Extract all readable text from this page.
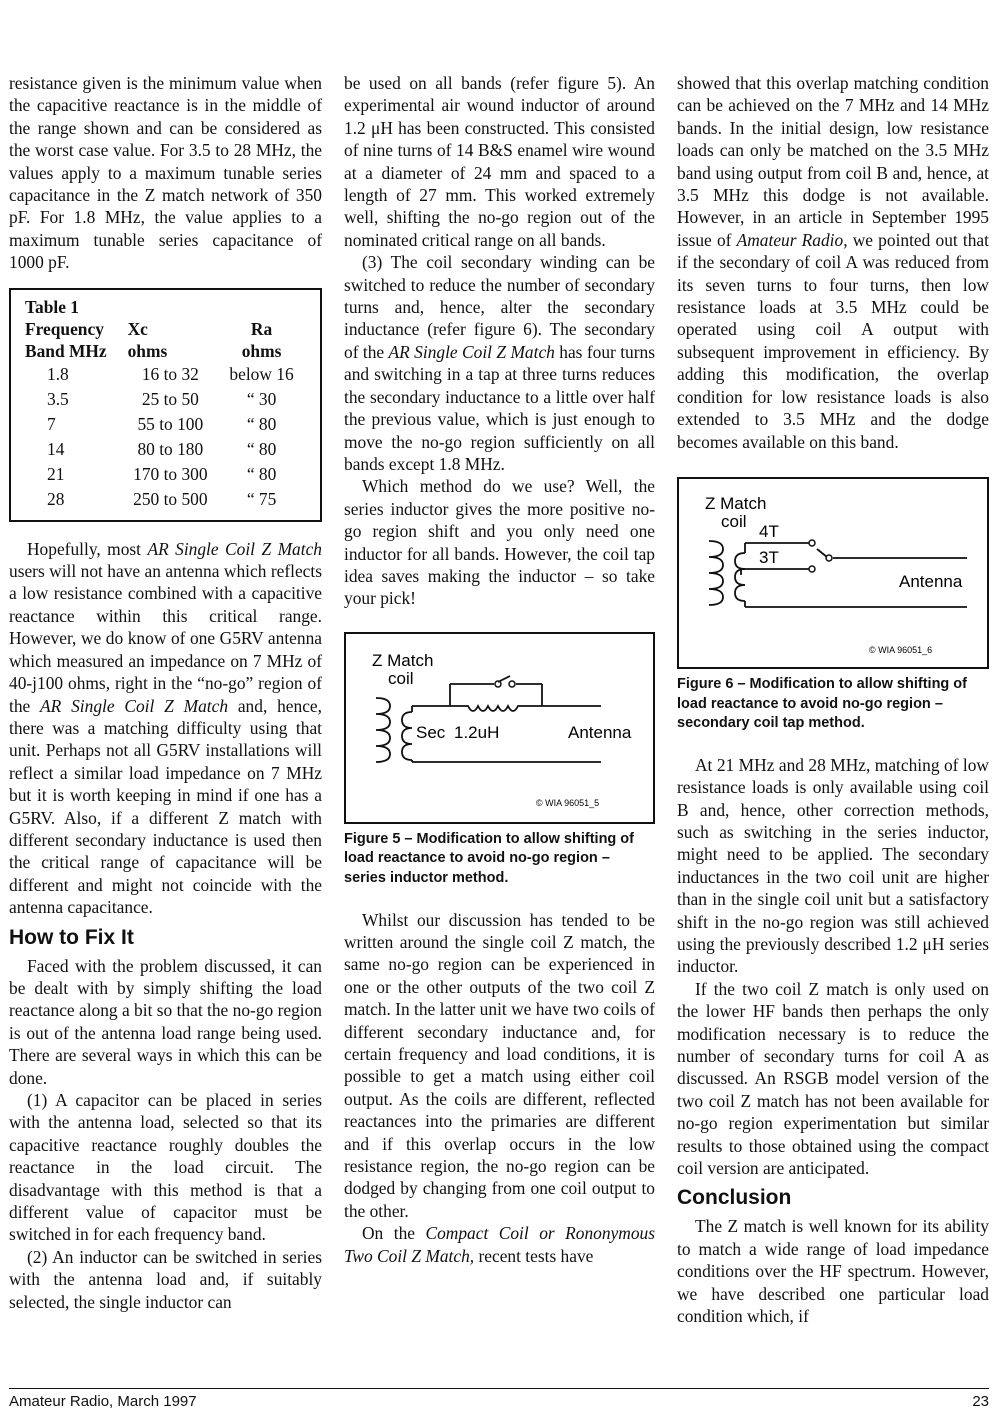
resistance given is the minimum value when the capacitive reactance is in the middle of the range shown and can be considered as the worst case value. For 3.5 to 28 MHz, the values apply to a maximum tunable series capacitance in the Z match network of 350 pF. For 1.8 MHz, the value applies to a maximum tunable series capacitance of 1000 pF.

Table 1
Frequency	Xc	Ra
Band MHz	ohms	ohms
1.8	16 to 32	below 16
3.5	25 to 50	“ 30
7	55 to 100	“ 80
14	80 to 180	“ 80
21	170 to 300	“ 80
28	250 to 500	“ 75

Hopefully, most AR Single Coil Z Match users will not have an antenna which reflects a low resistance combined with a capacitive reactance within this critical range. However, we do know of one G5RV antenna which measured an impedance on 7 MHz of 40-j100 ohms, right in the “no-go” region of the AR Single Coil Z Match and, hence, there was a matching difficulty using that unit. Perhaps not all G5RV installations will reflect a similar load impedance on 7 MHz but it is worth keeping in mind if one has a G5RV. Also, if a different Z match with different secondary inductance is used then the critical range of capacitance will be different and might not coincide with the antenna capacitance.

How to Fix It

Faced with the problem discussed, it can be dealt with by simply shifting the load reactance along a bit so that the no-go region is out of the antenna load range being used. There are several ways in which this can be done.

(1) A capacitor can be placed in series with the antenna load, selected so that its capacitive reactance roughly doubles the reactance in the load circuit. The disadvantage with this method is that a different value of capacitor must be switched in for each frequency band.

(2) An inductor can be switched in series with the antenna load and, if suitably selected, the single inductor can

be used on all bands (refer figure 5). An experimental air wound inductor of around 1.2 μH has been constructed. This consisted of nine turns of 14 B&S enamel wire wound at a diameter of 24 mm and spaced to a length of 27 mm. This worked extremely well, shifting the no-go region out of the nominated critical range on all bands.

(3) The coil secondary winding can be switched to reduce the number of secondary turns and, hence, alter the secondary inductance (refer figure 6). The secondary of the AR Single Coil Z Match has four turns and switching in a tap at three turns reduces the secondary inductance to a little over half the previous value, which is just enough to move the no-go region sufficiently on all bands except 1.8 MHz.

Which method do we use? Well, the series inductor gives the more positive no-go region shift and you only need one inductor for all bands. However, the coil tap idea saves making the inductor – so take your pick!

Z Match
coil
Sec 1.2uH	Antenna
© WIA 96051_5
Figure 5 – Modification to allow shifting of load reactance to avoid no-go region – series inductor method.

Whilst our discussion has tended to be written around the single coil Z match, the same no-go region can be experienced in one or the other outputs of the two coil Z match. In the latter unit we have two coils of different secondary inductance and, for certain frequency and load conditions, it is possible to get a match using either coil output. As the coils are different, reflected reactances into the primaries are different and if this overlap occurs in the low resistance region, the no-go region can be dodged by changing from one coil output to the other.

On the Compact Coil or Rononymous Two Coil Z Match, recent tests have

showed that this overlap matching condition can be achieved on the 7 MHz and 14 MHz bands. In the initial design, low resistance loads can only be matched on the 3.5 MHz band using output from coil B and, hence, at 3.5 MHz this dodge is not available. However, in an article in September 1995 issue of Amateur Radio, we pointed out that if the secondary of coil A was reduced from its seven turns to four turns, then low resistance loads at 3.5 MHz could be operated using coil A output with subsequent improvement in efficiency. By adding this modification, the overlap condition for low resistance loads is also extended to 3.5 MHz and the dodge becomes available on this band.

Z Match
coil
4T
3T
Antenna
© WIA 96051_6
Figure 6 – Modification to allow shifting of load reactance to avoid no-go region – secondary coil tap method.

At 21 MHz and 28 MHz, matching of low resistance loads is only available using coil B and, hence, other correction methods, such as switching in the series inductor, might need to be applied. The secondary inductances in the two coil unit are higher than in the single coil unit but a satisfactory shift in the no-go region was still achieved using the previously described 1.2 μH series inductor.

If the two coil Z match is only used on the lower HF bands then perhaps the only modification necessary is to reduce the number of secondary turns for coil A as discussed. An RSGB model version of the two coil Z match has not been available for no-go region experimentation but similar results to those obtained using the compact coil version are anticipated.

Conclusion

The Z match is well known for its ability to match a wide range of load impedance conditions over the HF spectrum. However, we have described one particular load condition which, if

Amateur Radio, March 1997	23
